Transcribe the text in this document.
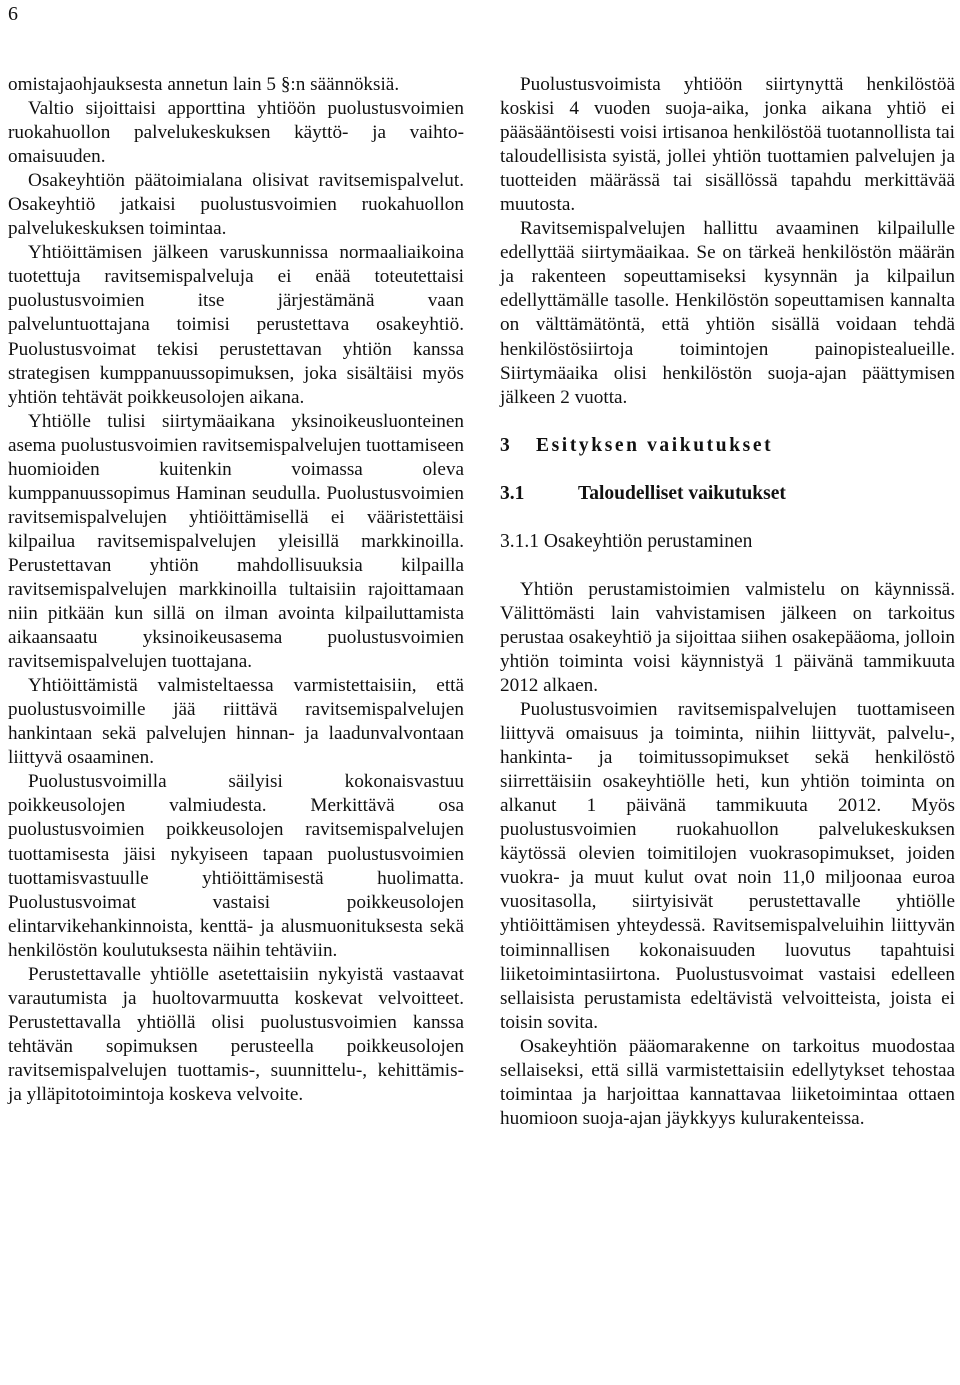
6

omistajaohjauksesta annetun lain 5 §:n säännöksiä.

Valtio sijoittaisi apporttina yhtiöön puolustusvoimien ruokahuollon palvelukeskuksen käyttö- ja vaihto-omaisuuden.

Osakeyhtiön päätoimialana olisivat ravitsemispalvelut. Osakeyhtiö jatkaisi puolustusvoimien ruokahuollon palvelukeskuksen toimintaa.

Yhtiöittämisen jälkeen varuskunnissa normaaliaikoina tuotettuja ravitsemispalveluja ei enää toteutettaisi puolustusvoimien itse järjestämänä vaan palveluntuottajana toimisi perustettava osakeyhtiö. Puolustusvoimat tekisi perustettavan yhtiön kanssa strategisen kumppanuussopimuksen, joka sisältäisi myös yhtiön tehtävät poikkeusolojen aikana.

Yhtiölle tulisi siirtymäaikana yksinoikeusluonteinen asema puolustusvoimien ravitsemispalvelujen tuottamiseen huomioiden kuitenkin voimassa oleva kumppanuussopimus Haminan seudulla. Puolustusvoimien ravitsemispalvelujen yhtiöittämisellä ei vääristettäisi kilpailua ravitsemispalvelujen yleisillä markkinoilla. Perustettavan yhtiön mahdollisuuksia kilpailla ravitsemispalvelujen markkinoilla tultaisiin rajoittamaan niin pitkään kun sillä on ilman avointa kilpailuttamista aikaansaatu yksinoikeusasema puolustusvoimien ravitsemispalvelujen tuottajana.

Yhtiöittämistä valmisteltaessa varmistettaisiin, että puolustusvoimille jää riittävä ravitsemispalvelujen hankintaan sekä palvelujen hinnan- ja laadunvalvontaan liittyvä osaaminen.

Puolustusvoimilla säilyisi kokonaisvastuu poikkeusolojen valmiudesta. Merkittävä osa puolustusvoimien poikkeusolojen ravitsemispalvelujen tuottamisesta jäisi nykyiseen tapaan puolustusvoimien tuottamisvastuulle yhtiöittämisestä huolimatta. Puolustusvoimat vastaisi poikkeusolojen elintarvikehankinnoista, kenttä- ja alusmuonituksesta sekä henkilöstön koulutuksesta näihin tehtäviin.

Perustettavalle yhtiölle asetettaisiin nykyistä vastaavat varautumista ja huoltovarmuutta koskevat velvoitteet. Perustettavalla yhtiöllä olisi puolustusvoimien kanssa tehtävän sopimuksen perusteella poikkeusolojen ravitsemispalvelujen tuottamis-, suunnittelu-, kehittämis- ja ylläpitotoimintoja koskeva velvoite.

Puolustusvoimista yhtiöön siirtynyttä henkilöstöä koskisi 4 vuoden suoja-aika, jonka aikana yhtiö ei pääsääntöisesti voisi irtisanoa henkilöstöä tuotannollista tai taloudellisista syistä, jollei yhtiön tuottamien palvelujen ja tuotteiden määrässä tai sisällössä tapahdu merkittävää muutosta.

Ravitsemispalvelujen hallittu avaaminen kilpailulle edellyttää siirtymäaikaa. Se on tärkeä henkilöstön määrän ja rakenteen sopeuttamiseksi kysynnän ja kilpailun edellyttämälle tasolle. Henkilöstön sopeuttamisen kannalta on välttämätöntä, että yhtiön sisällä voidaan tehdä henkilöstösiirtoja toimintojen painopistealueille. Siirtymäaika olisi henkilöstön suoja-ajan päättymisen jälkeen 2 vuotta.

3 Esityksen vaikutukset
3.1	Taloudelliset vaikutukset
3.1.1 Osakeyhtiön perustaminen

Yhtiön perustamistoimien valmistelu on käynnissä. Välittömästi lain vahvistamisen jälkeen on tarkoitus perustaa osakeyhtiö ja sijoittaa siihen osakepääoma, jolloin yhtiön toiminta voisi käynnistyä 1 päivänä tammikuuta 2012 alkaen.

Puolustusvoimien ravitsemispalvelujen tuottamiseen liittyvä omaisuus ja toiminta, niihin liittyvät, palvelu-, hankinta- ja toimitussopimukset sekä henkilöstö siirrettäisiin osakeyhtiölle heti, kun yhtiön toiminta on alkanut 1 päivänä tammikuuta 2012. Myös puolustusvoimien ruokahuollon palvelukeskuksen käytössä olevien toimitilojen vuokrasopimukset, joiden vuokra- ja muut kulut ovat noin 11,0 miljoonaa euroa vuositasolla, siirtyisivät perustettavalle yhtiölle yhtiöittämisen yhteydessä. Ravitsemispalveluihin liittyvän toiminnallisen kokonaisuuden luovutus tapahtuisi liiketoimintasiirtona. Puolustusvoimat vastaisi edelleen sellaisista perustamista edeltävistä velvoitteista, joista ei toisin sovita.

Osakeyhtiön pääomarakenne on tarkoitus muodostaa sellaiseksi, että sillä varmistettaisiin edellytykset tehostaa toimintaa ja harjoittaa kannattavaa liiketoimintaa ottaen huomioon suoja-ajan jäykkyys kulurakenteissa.
